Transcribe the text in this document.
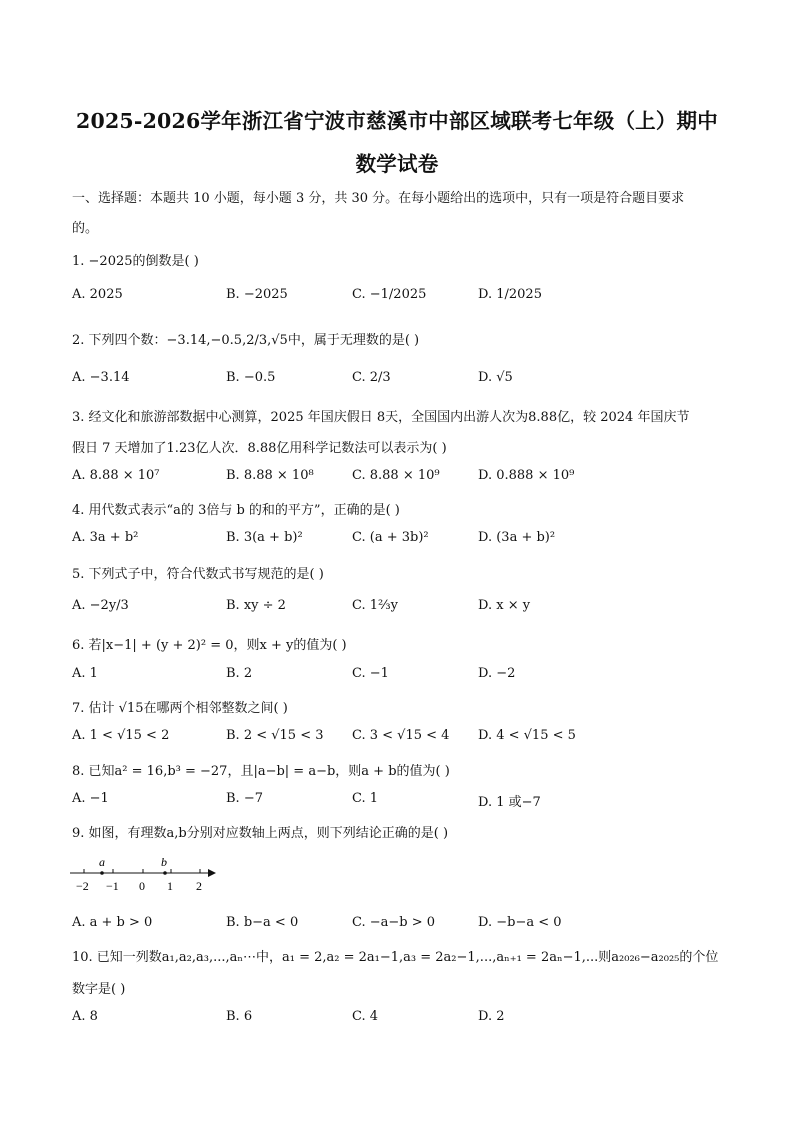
2025-2026学年浙江省宁波市慈溪市中部区域联考七年级（上）期中
数学试卷
一、选择题：本题共 10 小题，每小题 3 分，共 30 分。在每小题给出的选项中，只有一项是符合题目要求
的。
1. −2025的倒数是( )
A. 2025	B. −2025	C. −1/2025	D. 1/2025
2. 下列四个数：−3.14,−0.5,2/3,√5中，属于无理数的是( )
A. −3.14	B. −0.5	C. 2/3	D. √5
3. 经文化和旅游部数据中心测算，2025 年国庆假日 8天，全国国内出游人次为8.88亿，较 2024 年国庆节
假日 7 天增加了1.23亿人次．8.88亿用科学记数法可以表示为( )
A. 8.88 × 10⁷	B. 8.88 × 10⁸	C. 8.88 × 10⁹	D. 0.888 × 10⁹
4. 用代数式表示“a的 3倍与 b 的和的平方”，正确的是( )
A. 3a + b²	B. 3(a + b)²	C. (a + 3b)²	D. (3a + b)²
5. 下列式子中，符合代数式书写规范的是( )
A. −2y/3	B. xy ÷ 2	C. 1⅔y	D. x × y
6. 若|x−1| + (y + 2)² = 0，则x + y的值为( )
A. 1	B. 2	C. −1	D. −2
7. 估计 √15在哪两个相邻整数之间( )
A. 1 < √15 < 2	B. 2 < √15 < 3 C. 3 < √15 < 4 D. 4 < √15 < 5
8. 已知a² = 16,b³ = −27，且|a−b| = a−b，则a + b的值为( )
A. −1	B. −7	C. 1	D. 1 或−7
9. 如图，有理数a,b分别对应数轴上两点，则下列结论正确的是( )
a	b
−2 −1 0 1 2
A. a + b > 0	B. b−a < 0	C. −a−b > 0	D. −b−a < 0
10. 已知一列数a₁,a₂,a₃,...,aₙ⋯中，a₁ = 2,a₂ = 2a₁−1,a₃ = 2a₂−1,...,aₙ₊₁ = 2aₙ−1,...则a₂₀₂₆−a₂₀₂₅的个位
数字是( )
A. 8	B. 6	C. 4	D. 2
